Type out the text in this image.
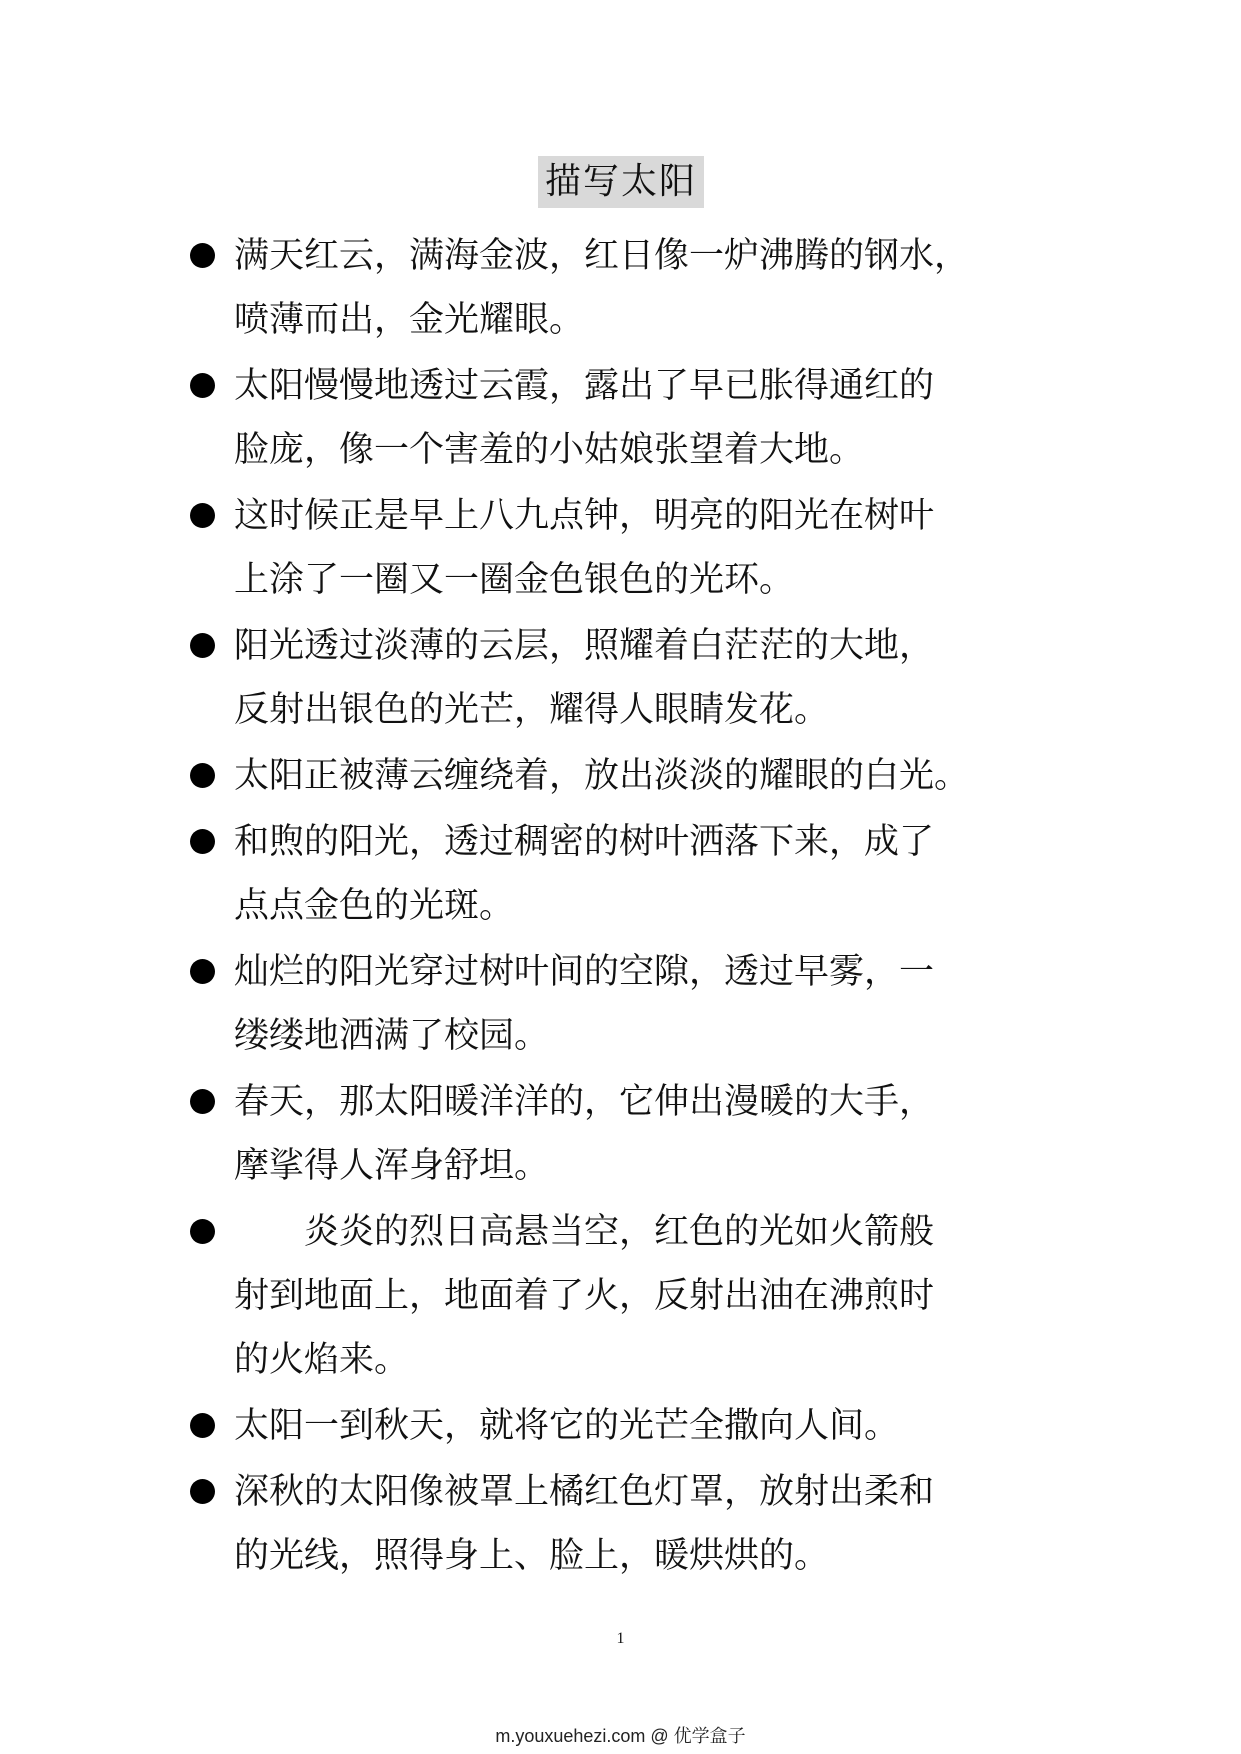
描写太阳
满天红云，满海金波，红日像一炉沸腾的钢水，
喷薄而出，金光耀眼。
太阳慢慢地透过云霞，露出了早已胀得通红的
脸庞，像一个害羞的小姑娘张望着大地。
这时候正是早上八九点钟，明亮的阳光在树叶
上涂了一圈又一圈金色银色的光环。
阳光透过淡薄的云层，照耀着白茫茫的大地，
反射出银色的光芒，耀得人眼睛发花。
太阳正被薄云缠绕着，放出淡淡的耀眼的白光。
和煦的阳光，透过稠密的树叶洒落下来，成了
点点金色的光斑。
灿烂的阳光穿过树叶间的空隙，透过早雾，一
缕缕地洒满了校园。
春天，那太阳暖洋洋的，它伸出漫暖的大手，
摩挲得人浑身舒坦。
炎炎的烈日高悬当空，红色的光如火箭般
射到地面上，地面着了火，反射出油在沸煎时
的火焰来。
太阳一到秋天，就将它的光芒全撒向人间。
深秋的太阳像被罩上橘红色灯罩，放射出柔和
的光线，照得身上、脸上，暖烘烘的。
1
m.youxuehezi.com @ 优学盒子
